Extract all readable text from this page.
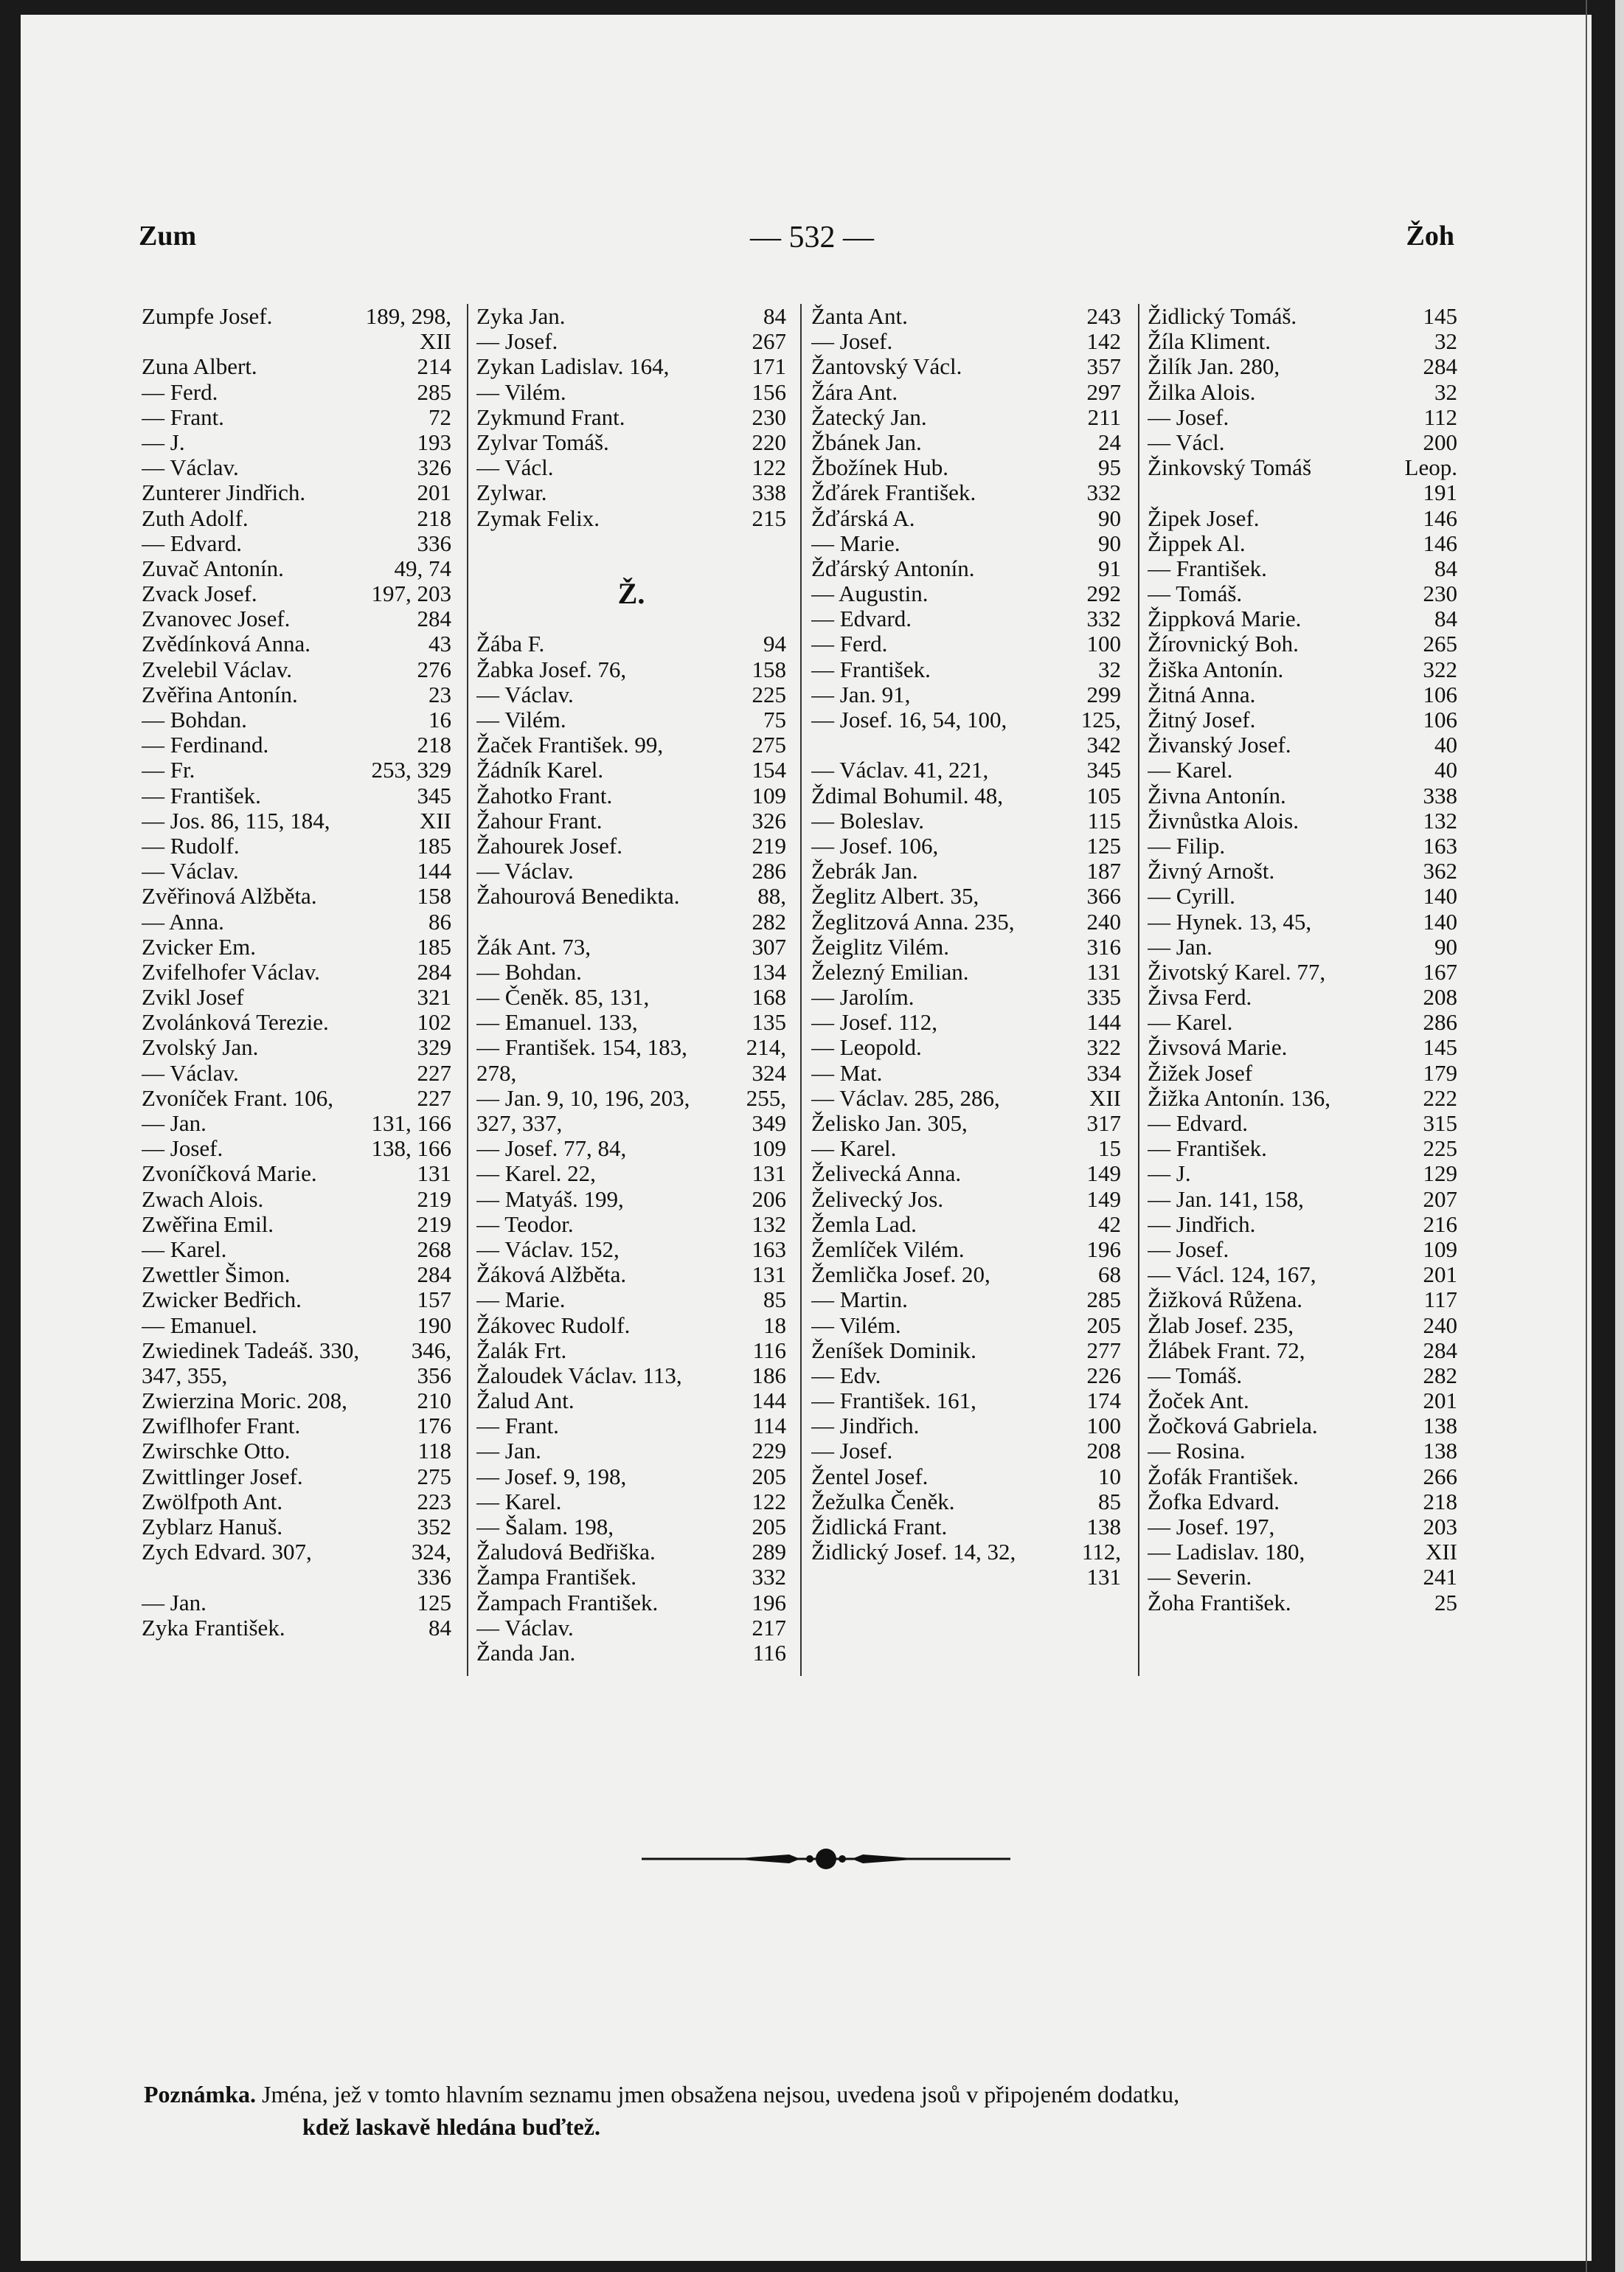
Zum	— 532 —	Žoh
Zumpfe Josef.	189, 298,
XII
Zuna Albert.	214
— Ferd.	285
— Frant.	72
— J.	193
— Václav.	326
Zunterer Jindřich.	201
Zuth Adolf.	218
— Edvard.	336
Zuvač Antonín.	49, 74
Zvack Josef.	197, 203
Zvanovec Josef.	284
Zvědínková Anna.	43
Zvelebil Václav.	276
Zvěřina Antonín.	23
— Bohdan.	16
— Ferdinand.	218
— Fr.	253, 329
— František.	345
— Jos. 86, 115, 184,	XII
— Rudolf.	185
— Václav.	144
Zvěřinová Alžběta.	158
— Anna.	86
Zvicker Em.	185
Zvifelhofer Václav.	284
Zvikl Josef	321
Zvolánková Terezie.	102
Zvolský Jan.	329
— Václav.	227
Zvoníček Frant. 106,	227
— Jan.	131, 166
— Josef.	138, 166
Zvoníčková Marie.	131
Zwach Alois.	219
Zwěřina Emil.	219
— Karel.	268
Zwettler Šimon.	284
Zwicker Bedřich.	157
— Emanuel.	190
Zwiedinek Tadeáš. 330, 346,
347, 355,	356
Zwierzina Moric. 208,	210
Zwiflhofer Frant.	176
Zwirschke Otto.	118
Zwittlinger Josef.	275
Zwölfpoth Ant.	223
Zyblarz Hanuš.	352
Zych Edvard. 307,	324,
336
— Jan.	125
Zyka František.	84
Zyka Jan.	84
— Josef.	267
Zykan Ladislav. 164,	171
— Vilém.	156
Zykmund Frant.	230
Zylvar Tomáš.	220
— Václ.	122
Zylwar.	338
Zymak Felix.	215
Ž.
Žába F.	94
Žabka Josef. 76,	158
— Václav.	225
— Vilém.	75
Žaček František. 99,	275
Žádník Karel.	154
Žahotko Frant.	109
Žahour Frant.	326
Žahourek Josef.	219
— Václav.	286
Žahourová Benedikta.	88,
282
Žák Ant. 73,	307
— Bohdan.	134
— Čeněk. 85, 131,	168
— Emanuel. 133,	135
— František. 154, 183,	214,
278,	324
— Jan. 9, 10, 196, 203, 255,
327, 337,	349
— Josef. 77, 84,	109
— Karel. 22,	131
— Matyáš. 199,	206
— Teodor.	132
— Václav. 152,	163
Žáková Alžběta.	131
— Marie.	85
Žákovec Rudolf.	18
Žalák Frt.	116
Žaloudek Václav. 113,	186
Žalud Ant.	144
— Frant.	114
— Jan.	229
— Josef. 9, 198,	205
— Karel.	122
— Šalam. 198,	205
Žaludová Bedřiška.	289
Žampa František.	332
Žampach František.	196
— Václav.	217
Žanda Jan.	116
Žanta Ant.	243
— Josef.	142
Žantovský Václ.	357
Žára Ant.	297
Žatecký Jan.	211
Žbánek Jan.	24
Žbožínek Hub.	95
Žďárek František.	332
Žďárská A.	90
— Marie.	90
Žďárský Antonín.	91
— Augustin.	292
— Edvard.	332
— Ferd.	100
— František.	32
— Jan. 91,	299
— Josef. 16, 54, 100,	125,
342
— Václav. 41, 221,	345
Ždimal Bohumil. 48,	105
— Boleslav.	115
— Josef. 106,	125
Žebrák Jan.	187
Žeglitz Albert. 35,	366
Žeglitzová Anna. 235,	240
Žeiglitz Vilém.	316
Železný Emilian.	131
— Jarolím.	335
— Josef. 112,	144
— Leopold.	322
— Mat.	334
— Václav. 285, 286,	XII
Želisko Jan. 305,	317
— Karel.	15
Želivecká Anna.	149
Želivecký Jos.	149
Žemla Lad.	42
Žemlíček Vilém.	196
Žemlička Josef. 20,	68
— Martin.	285
— Vilém.	205
Ženíšek Dominik.	277
— Edv.	226
— František. 161,	174
— Jindřich.	100
— Josef.	208
Žentel Josef.	10
Žežulka Čeněk.	85
Židlická Frant.	138
Židlický Josef. 14, 32,	112,
131
Židlický Tomáš.	145
Žíla Kliment.	32
Žilík Jan. 280,	284
Žilka Alois.	32
— Josef.	112
— Václ.	200
Žinkovský Tomáš	Leop.
191
Žipek Josef.	146
Žippek Al.	146
— František.	84
— Tomáš.	230
Žippková Marie.	84
Žírovnický Boh.	265
Žiška Antonín.	322
Žitná Anna.	106
Žitný Josef.	106
Živanský Josef.	40
— Karel.	40
Živna Antonín.	338
Živnůstka Alois.	132
— Filip.	163
Živný Arnošt.	362
— Cyrill.	140
— Hynek. 13, 45,	140
— Jan.	90
Životský Karel. 77,	167
Živsa Ferd.	208
— Karel.	286
Živsová Marie.	145
Žižek Josef	179
Žižka Antonín. 136,	222
— Edvard.	315
— František.	225
— J.	129
— Jan. 141, 158,	207
— Jindřich.	216
— Josef.	109
— Václ. 124, 167,	201
Žižková Růžena.	117
Žlab Josef. 235,	240
Žlábek Frant. 72,	284
— Tomáš.	282
Žoček Ant.	201
Žočková Gabriela.	138
— Rosina.	138
Žofák František.	266
Žofka Edvard.	218
— Josef. 197,	203
— Ladislav. 180,	XII
— Severin.	241
Žoha František.	25
Poznámka. Jména, jež v tomto hlavním seznamu jmen obsažena nejsou, uvedena jsoů v připojeném dodatku,
kdež laskavě hledána buďtež.
